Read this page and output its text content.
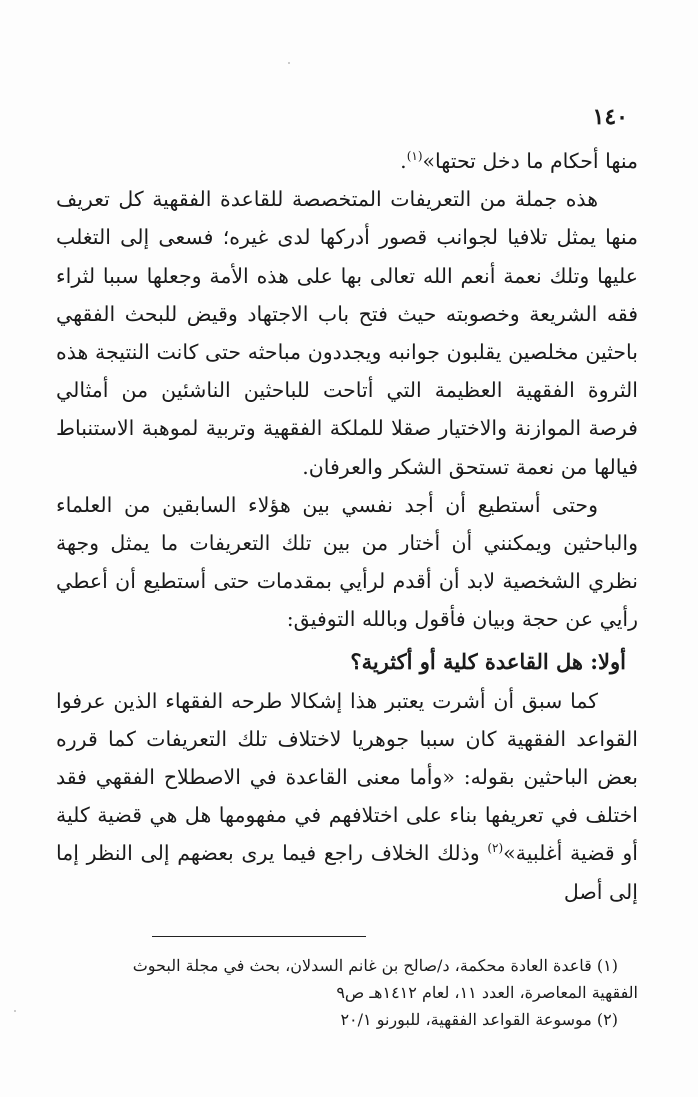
١٤٠

منها أحكام ما دخل تحتها»$^{(١)}$.

هذه جملة من التعريفات المتخصصة للقاعدة الفقهية كل تعريف منها يمثل تلافيا لجوانب قصور أدركها لدى غيره؛ فسعى إلى التغلب عليها وتلك نعمة أنعم الله تعالى بها على هذه الأمة وجعلها سببا لثراء فقه الشريعة وخصوبته حيث فتح باب الاجتهاد وقيض للبحث الفقهي باحثين مخلصين يقلبون جوانبه ويجددون مباحثه حتى كانت النتيجة هذه الثروة الفقهية العظيمة التي أتاحت للباحثين الناشئين من أمثالي فرصة الموازنة والاختيار صقلا للملكة الفقهية وتربية لموهبة الاستنباط فيالها من نعمة تستحق الشكر والعرفان.

وحتى أستطيع أن أجد نفسي بين هؤلاء السابقين من العلماء والباحثين ويمكنني أن أختار من بين تلك التعريفات ما يمثل وجهة نظري الشخصية لابد أن أقدم لرأيي بمقدمات حتى أستطيع أن أعطي رأيي عن حجة وبيان فأقول وبالله التوفيق:

أولا: هل القاعدة كلية أو أكثرية؟

كما سبق أن أشرت يعتبر هذا إشكالا طرحه الفقهاء الذين عرفوا القواعد الفقهية كان سببا جوهريا لاختلاف تلك التعريفات كما قرره بعض الباحثين بقوله: «وأما معنى القاعدة في الاصطلاح الفقهي فقد اختلف في تعريفها بناء على اختلافهم في مفهومها هل هي قضية كلية أو قضية أغلبية»$^{(٢)}$ وذلك الخلاف راجع فيما يرى بعضهم إلى النظر إما إلى أصل

(١) قاعدة العادة محكمة، د/صالح بن غانم السدلان، بحث في مجلة البحوث

الفقهية المعاصرة، العدد ١١، لعام ١٤١٢هـ ص٩

(٢) موسوعة القواعد الفقهية، للبورنو ٢٠/١
